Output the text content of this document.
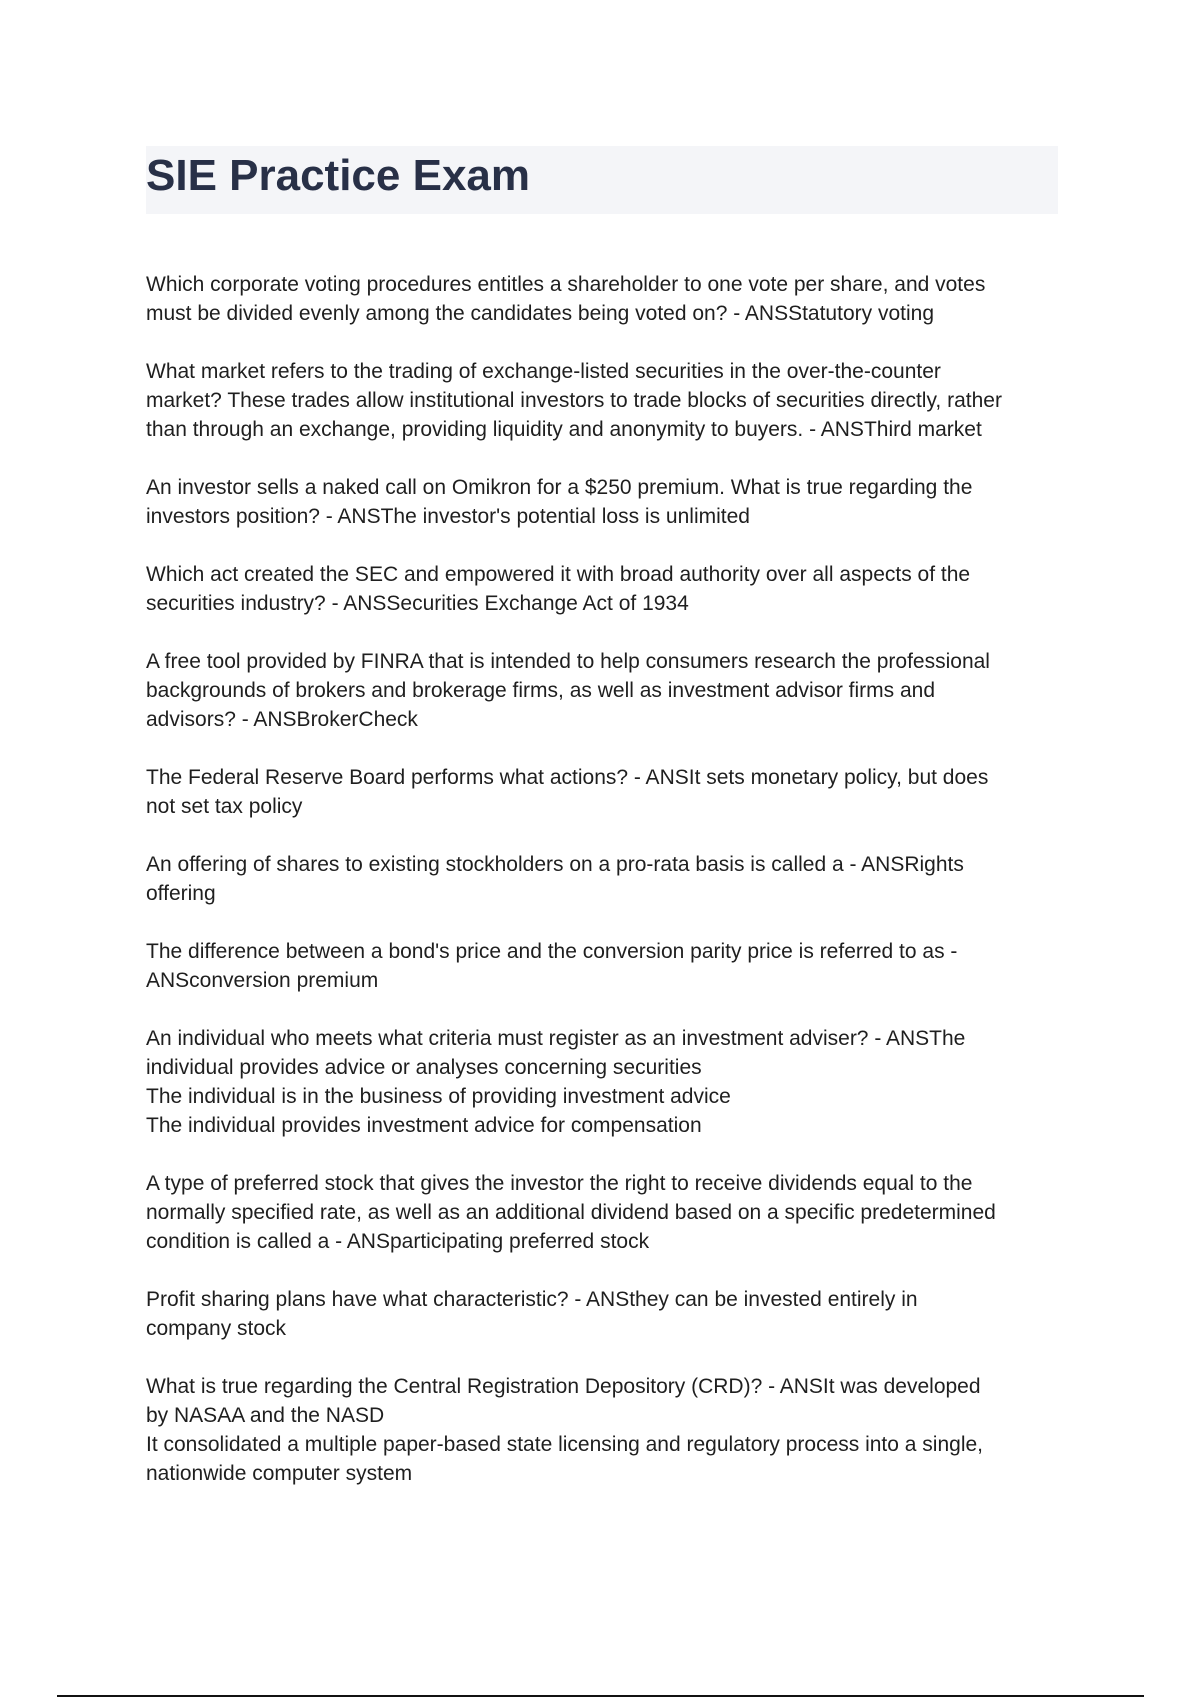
SIE Practice Exam

Which corporate voting procedures entitles a shareholder to one vote per share, and votes
must be divided evenly among the candidates being voted on? - ANSStatutory voting

What market refers to the trading of exchange-listed securities in the over-the-counter
market? These trades allow institutional investors to trade blocks of securities directly, rather
than through an exchange, providing liquidity and anonymity to buyers. - ANSThird market

An investor sells a naked call on Omikron for a $250 premium. What is true regarding the
investors position? - ANSThe investor's potential loss is unlimited

Which act created the SEC and empowered it with broad authority over all aspects of the
securities industry? - ANSSecurities Exchange Act of 1934

A free tool provided by FINRA that is intended to help consumers research the professional
backgrounds of brokers and brokerage firms, as well as investment advisor firms and
advisors? - ANSBrokerCheck

The Federal Reserve Board performs what actions? - ANSIt sets monetary policy, but does
not set tax policy

An offering of shares to existing stockholders on a pro-rata basis is called a - ANSRights
offering

The difference between a bond's price and the conversion parity price is referred to as -
ANSconversion premium

An individual who meets what criteria must register as an investment adviser? - ANSThe
individual provides advice or analyses concerning securities
The individual is in the business of providing investment advice
The individual provides investment advice for compensation

A type of preferred stock that gives the investor the right to receive dividends equal to the
normally specified rate, as well as an additional dividend based on a specific predetermined
condition is called a - ANSparticipating preferred stock

Profit sharing plans have what characteristic? - ANSthey can be invested entirely in
company stock

What is true regarding the Central Registration Depository (CRD)? - ANSIt was developed
by NASAA and the NASD
It consolidated a multiple paper-based state licensing and regulatory process into a single,
nationwide computer system
